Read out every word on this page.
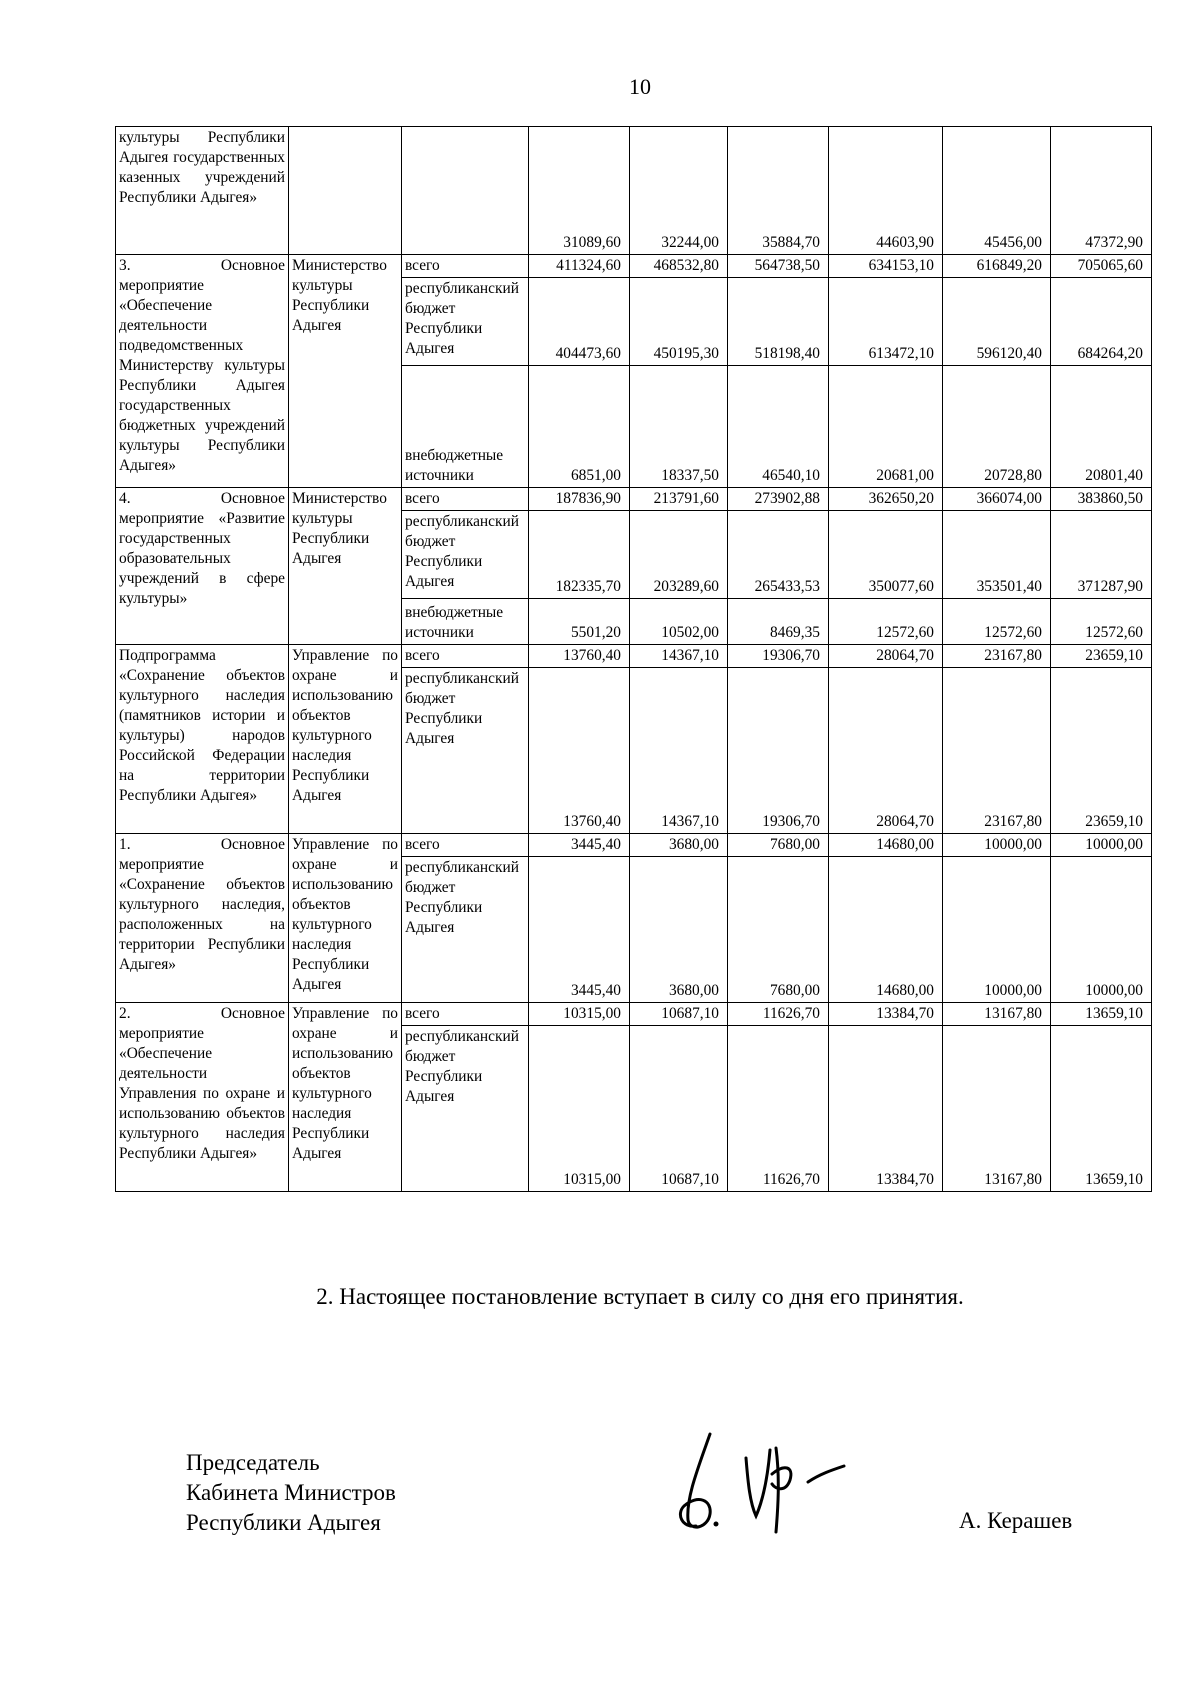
10
культуры Республики Адыгея государственных казенных учреждений Республики Адыгея»			31089,60	32244,00	35884,70	44603,90	45456,00	47372,90
3. Основное мероприятие «Обеспечение деятельности подведомственных Министерству культуры Республики Адыгея государственных бюджетных учреждений культуры Республики Адыгея»	Министерство культуры Республики Адыгея	всего	411324,60	468532,80	564738,50	634153,10	616849,20	705065,60
		республиканский бюджет Республики Адыгея	404473,60	450195,30	518198,40	613472,10	596120,40	684264,20
		внебюджетные источники	6851,00	18337,50	46540,10	20681,00	20728,80	20801,40
4. Основное мероприятие «Развитие государственных образовательных учреждений в сфере культуры»	Министерство культуры Республики Адыгея	всего	187836,90	213791,60	273902,88	362650,20	366074,00	383860,50
		республиканский бюджет Республики Адыгея	182335,70	203289,60	265433,53	350077,60	353501,40	371287,90
		внебюджетные источники	5501,20	10502,00	8469,35	12572,60	12572,60	12572,60
Подпрограмма «Сохранение объектов культурного наследия (памятников истории и культуры) народов Российской Федерации на территории Республики Адыгея»	Управление по охране и использованию объектов культурного наследия Республики Адыгея	всего	13760,40	14367,10	19306,70	28064,70	23167,80	23659,10
		республиканский бюджет Республики Адыгея	13760,40	14367,10	19306,70	28064,70	23167,80	23659,10
1. Основное мероприятие «Сохранение объектов культурного наследия, расположенных на территории Республики Адыгея»	Управление по охране и использованию объектов культурного наследия Республики Адыгея	всего	3445,40	3680,00	7680,00	14680,00	10000,00	10000,00
		республиканский бюджет Республики Адыгея	3445,40	3680,00	7680,00	14680,00	10000,00	10000,00
2. Основное мероприятие «Обеспечение деятельности Управления по охране и использованию объектов культурного наследия Республики Адыгея»	Управление по охране и использованию объектов культурного наследия Республики Адыгея	всего	10315,00	10687,10	11626,70	13384,70	13167,80	13659,10
		республиканский бюджет Республики Адыгея	10315,00	10687,10	11626,70	13384,70	13167,80	13659,10
2. Настоящее постановление вступает в силу со дня его принятия.
Председатель
Кабинета Министров
Республики Адыгея	А. Керашев
